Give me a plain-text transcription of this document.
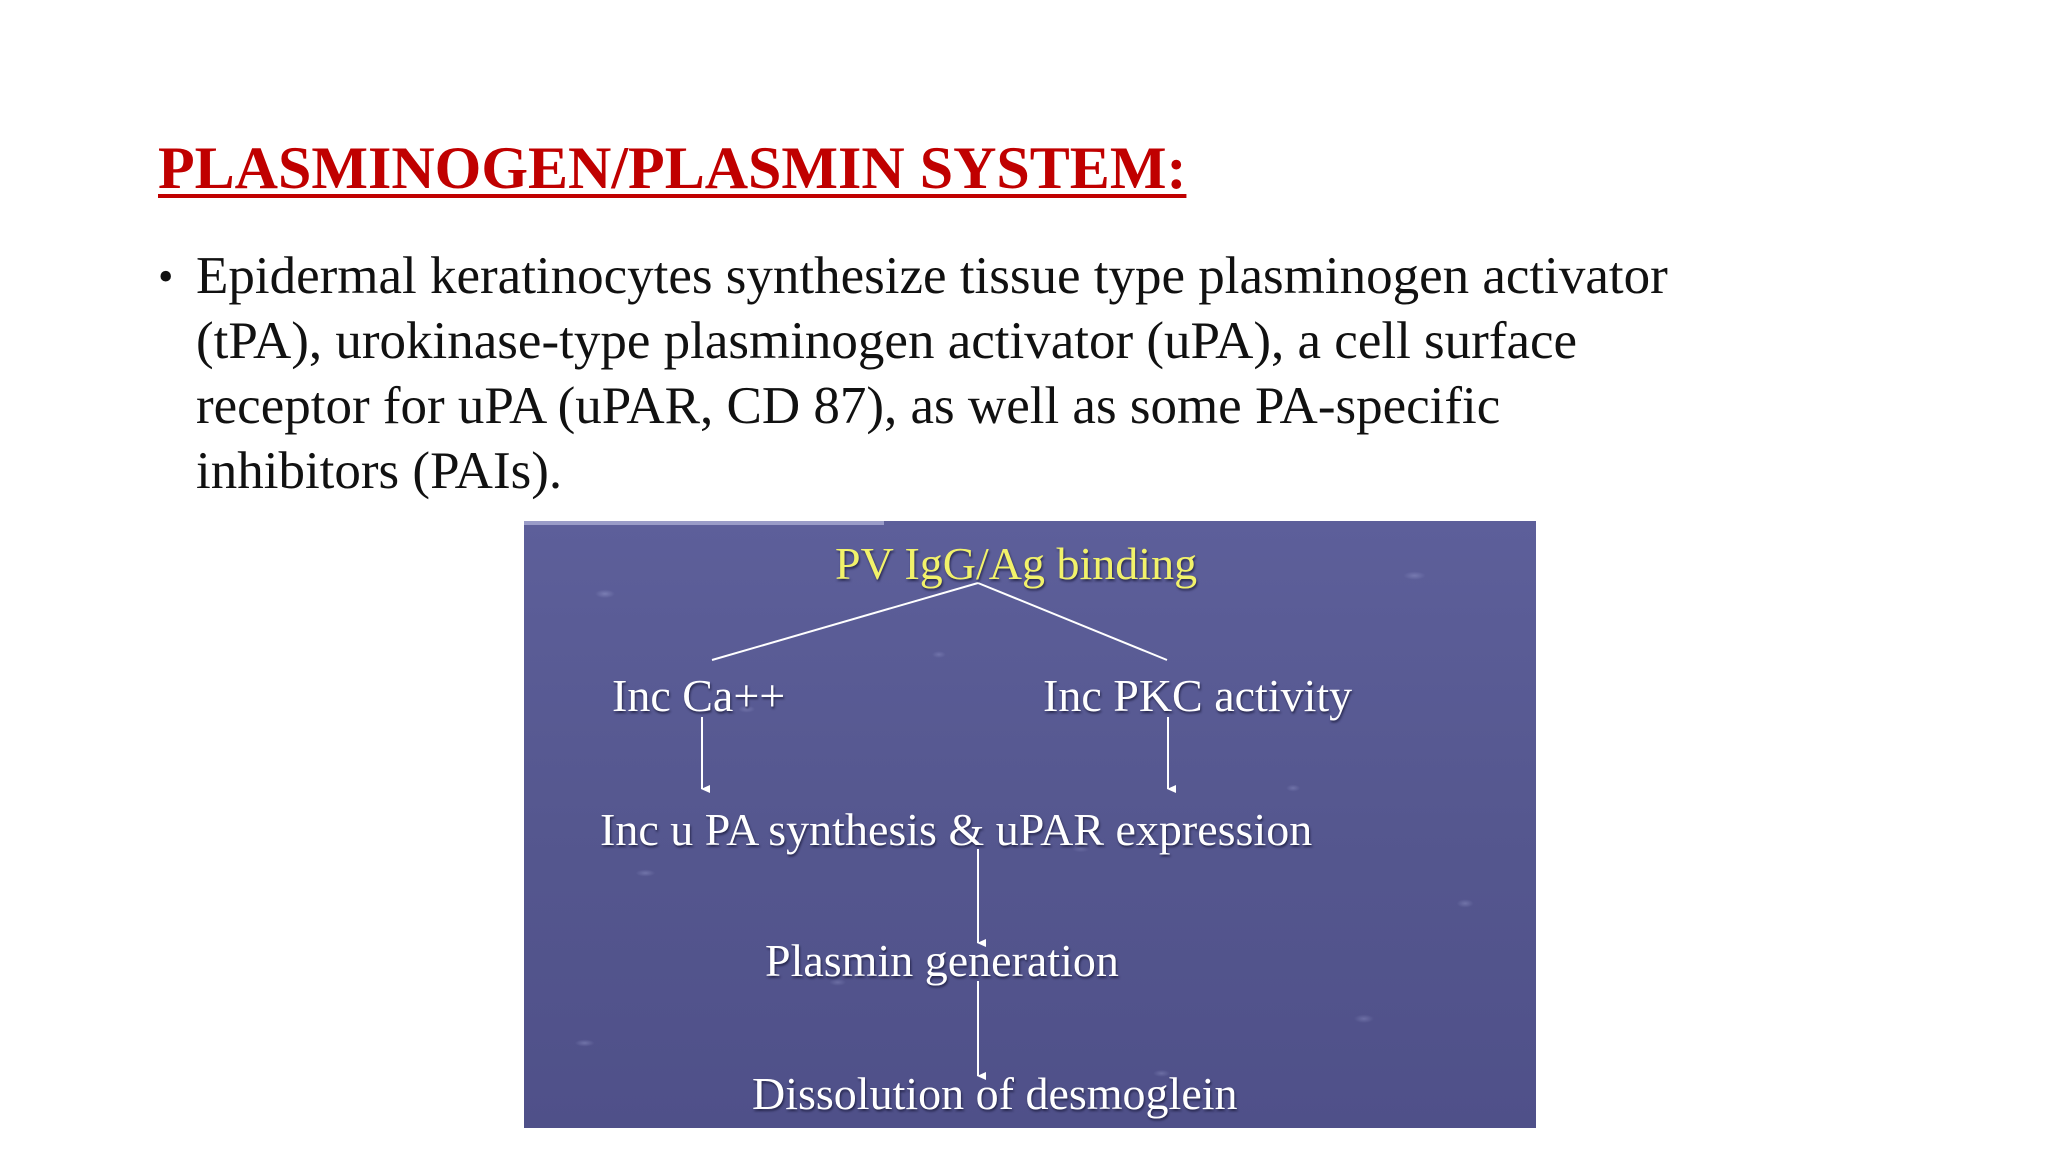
PLASMINOGEN/PLASMIN SYSTEM:
• Epidermal keratinocytes synthesize tissue type plasminogen activator
(tPA), urokinase-type plasminogen activator (uPA), a cell surface
receptor for uPA (uPAR, CD 87), as well as some PA-specific
inhibitors (PAIs).

PV IgG/Ag binding

Inc Ca++	Inc PKC activity

Inc u PA synthesis & uPAR expression

Plasmin generation

Dissolution of desmoglein
